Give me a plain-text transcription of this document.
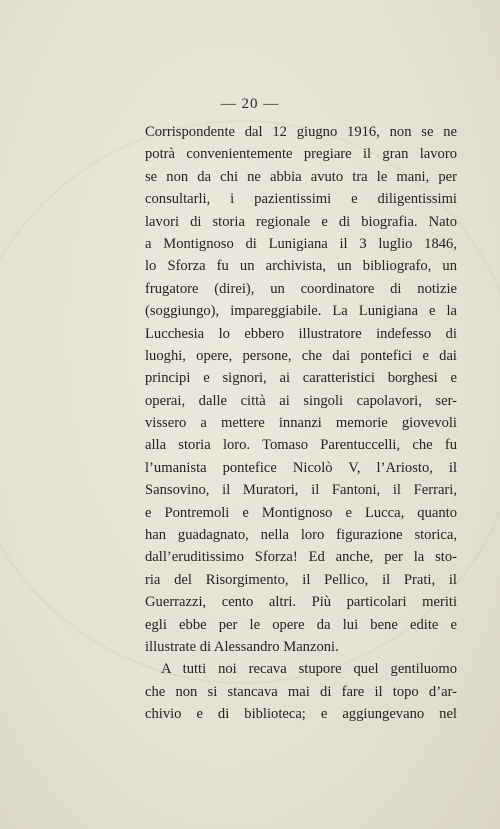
— 20 —
Corrispondente dal 12 giugno 1916, non se ne
potrà convenientemente pregiare il gran lavoro
se non da chi ne abbia avuto tra le mani, per
consultarli, i pazientissimi e diligentissimi
lavori di storia regionale e di biografia. Nato
a Montignoso di Lunigiana il 3 luglio 1846,
lo Sforza fu un archivista, un bibliografo, un
frugatore (direi), un coordinatore di notizie
(soggiungo), impareggiabile. La Lunigiana e la
Lucchesia lo ebbero illustratore indefesso di
luoghi, opere, persone, che dai pontefici e dai
principi e signori, ai caratteristici borghesi e
operai, dalle città ai singoli capolavori, ser-
vissero a mettere innanzi memorie giovevoli
alla storia loro. Tomaso Parentuccelli, che fu
l’umanista pontefice Nicolò V, l’Ariosto, il
Sansovino, il Muratori, il Fantoni, il Ferrari,
e Pontremoli e Montignoso e Lucca, quanto
han guadagnato, nella loro figurazione storica,
dall’eruditissimo Sforza! Ed anche, per la sto-
ria del Risorgimento, il Pellico, il Prati, il
Guerrazzi, cento altri. Più particolari meriti
egli ebbe per le opere da lui bene edite e
illustrate di Alessandro Manzoni.
A tutti noi recava stupore quel gentiluomo
che non si stancava mai di fare il topo d’ar-
chivio e di biblioteca; e aggiungevano nel
